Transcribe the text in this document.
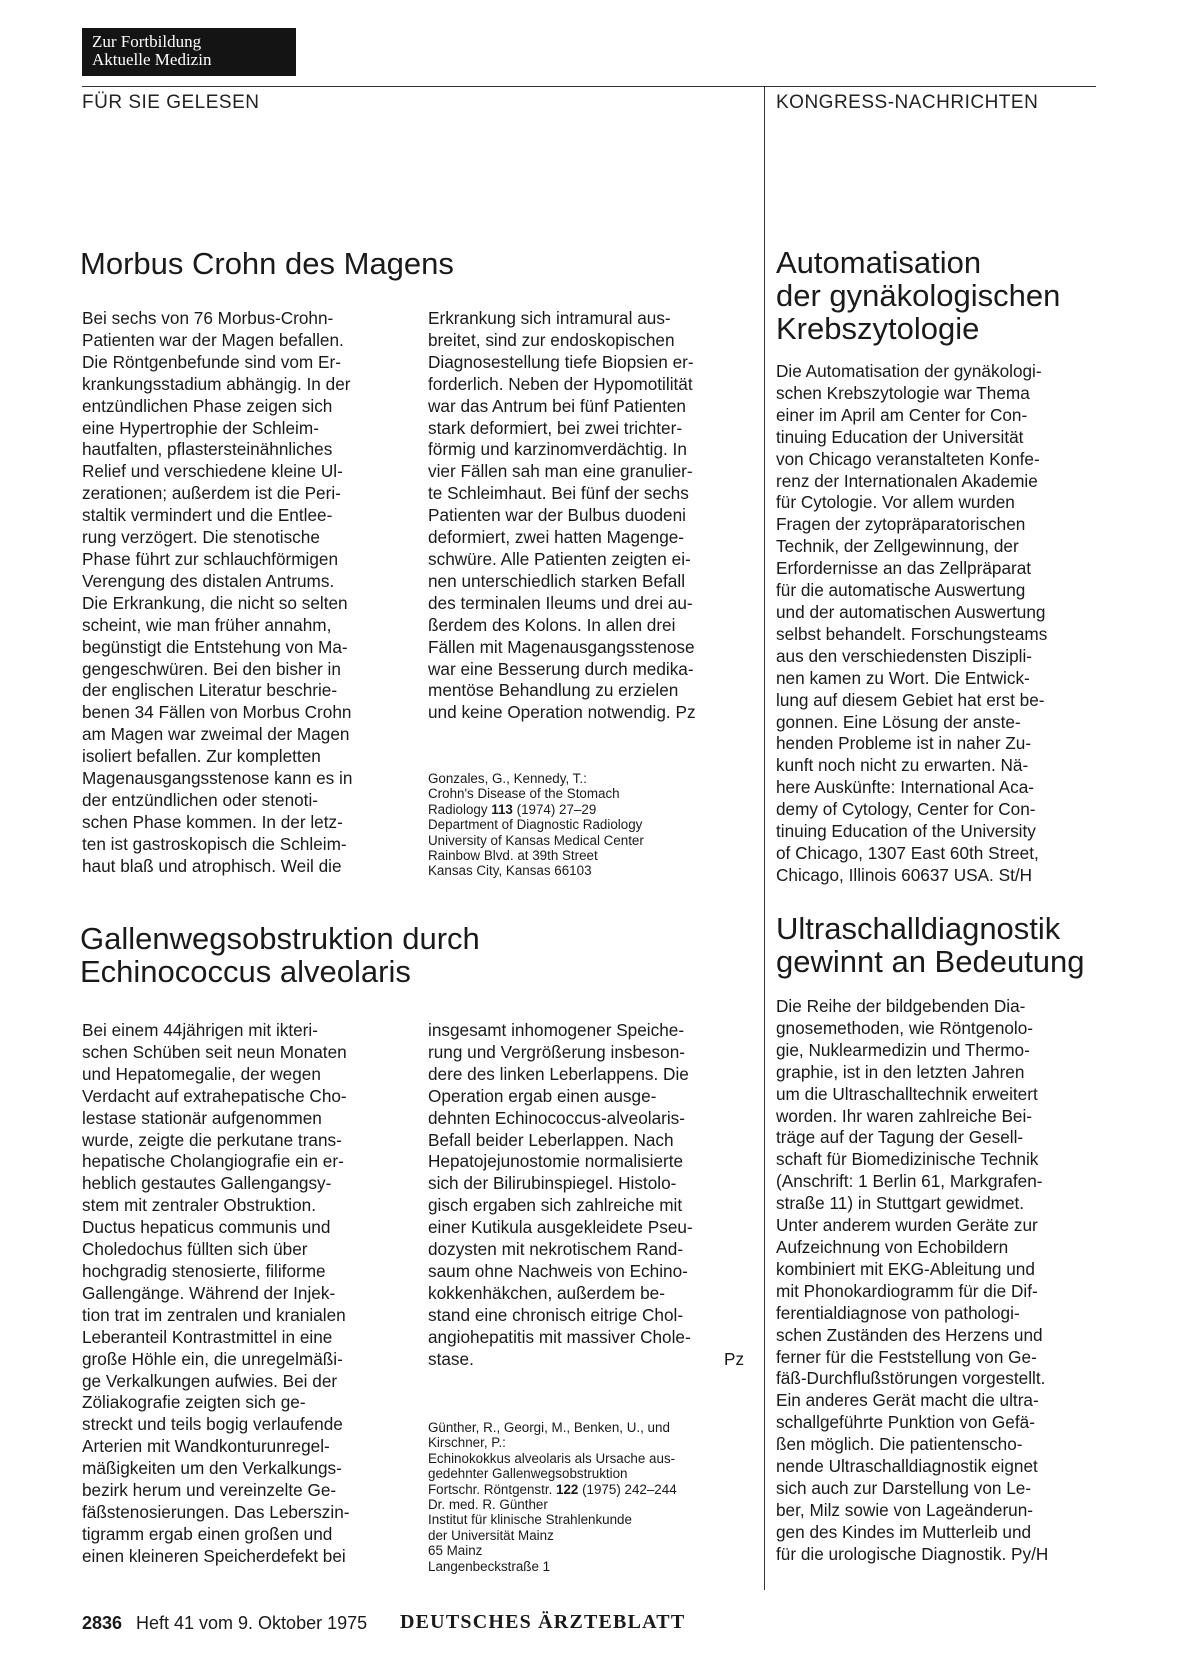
Zur Fortbildung
Aktuelle Medizin
FÜR SIE GELESEN	KONGRESS-NACHRICHTEN
Morbus Crohn des Magens
Bei sechs von 76 Morbus-Crohn-
Patienten war der Magen befallen.
Die Röntgenbefunde sind vom Er-
krankungsstadium abhängig. In der
entzündlichen Phase zeigen sich
eine Hypertrophie der Schleim-
hautfalten, pflastersteinähnliches
Relief und verschiedene kleine Ul-
zerationen; außerdem ist die Peri-
staltik vermindert und die Entlee-
rung verzögert. Die stenotische
Phase führt zur schlauchförmigen
Verengung des distalen Antrums.
Die Erkrankung, die nicht so selten
scheint, wie man früher annahm,
begünstigt die Entstehung von Ma-
gengeschwüren. Bei den bisher in
der englischen Literatur beschrie-
benen 34 Fällen von Morbus Crohn
am Magen war zweimal der Magen
isoliert befallen. Zur kompletten
Magenausgangsstenose kann es in
der entzündlichen oder stenoti-
schen Phase kommen. In der letz-
ten ist gastroskopisch die Schleim-
haut blaß und atrophisch. Weil die
Erkrankung sich intramural aus-
breitet, sind zur endoskopischen
Diagnosestellung tiefe Biopsien er-
forderlich. Neben der Hypomotilität
war das Antrum bei fünf Patienten
stark deformiert, bei zwei trichter-
förmig und karzinomverdächtig. In
vier Fällen sah man eine granulier-
te Schleimhaut. Bei fünf der sechs
Patienten war der Bulbus duodeni
deformiert, zwei hatten Magenge-
schwüre. Alle Patienten zeigten ei-
nen unterschiedlich starken Befall
des terminalen Ileums und drei au-
ßerdem des Kolons. In allen drei
Fällen mit Magenausgangsstenose
war eine Besserung durch medika-
mentöse Behandlung zu erzielen
und keine Operation notwendig. Pz
Gonzales, G., Kennedy, T.:
Crohn's Disease of the Stomach
Radiology 113 (1974) 27–29
Department of Diagnostic Radiology
University of Kansas Medical Center
Rainbow Blvd. at 39th Street
Kansas City, Kansas 66103
Gallenwegsobstruktion durch
Echinococcus alveolaris
Bei einem 44jährigen mit ikteri-
schen Schüben seit neun Monaten
und Hepatomegalie, der wegen
Verdacht auf extrahepatische Cho-
lestase stationär aufgenommen
wurde, zeigte die perkutane trans-
hepatische Cholangiografie ein er-
heblich gestautes Gallengangsy-
stem mit zentraler Obstruktion.
Ductus hepaticus communis und
Choledochus füllten sich über
hochgradig stenosierte, filiforme
Gallengänge. Während der Injek-
tion trat im zentralen und kranialen
Leberanteil Kontrastmittel in eine
große Höhle ein, die unregelmäßi-
ge Verkalkungen aufwies. Bei der
Zöliakografie zeigten sich ge-
streckt und teils bogig verlaufende
Arterien mit Wandkonturunregel-
mäßigkeiten um den Verkalkungs-
bezirk herum und vereinzelte Ge-
fäßstenosierungen. Das Leberszin-
tigramm ergab einen großen und
einen kleineren Speicherdefekt bei
insgesamt inhomogener Speiche-
rung und Vergrößerung insbeson-
dere des linken Leberlappens. Die
Operation ergab einen ausge-
dehnten Echinococcus-alveolaris-
Befall beider Leberlappen. Nach
Hepatojejunostomie normalisierte
sich der Bilirubinspiegel. Histolo-
gisch ergaben sich zahlreiche mit
einer Kutikula ausgekleidete Pseu-
dozysten mit nekrotischem Rand-
saum ohne Nachweis von Echino-
kokkenhäkchen, außerdem be-
stand eine chronisch eitrige Chol-
angiohepatitis mit massiver Chole-
stase.	Pz
Günther, R., Georgi, M., Benken, U., und
Kirschner, P.:
Echinokokkus alveolaris als Ursache aus-
gedehnter Gallenwegsobstruktion
Fortschr. Röntgenstr. 122 (1975) 242–244
Dr. med. R. Günther
Institut für klinische Strahlenkunde
der Universität Mainz
65 Mainz
Langenbeckstraße 1
Automatisation
der gynäkologischen
Krebszytologie
Die Automatisation der gynäkologi-
schen Krebszytologie war Thema
einer im April am Center for Con-
tinuing Education der Universität
von Chicago veranstalteten Konfe-
renz der Internationalen Akademie
für Cytologie. Vor allem wurden
Fragen der zytopräparatorischen
Technik, der Zellgewinnung, der
Erfordernisse an das Zellpräparat
für die automatische Auswertung
und der automatischen Auswertung
selbst behandelt. Forschungsteams
aus den verschiedensten Diszipli-
nen kamen zu Wort. Die Entwick-
lung auf diesem Gebiet hat erst be-
gonnen. Eine Lösung der anste-
henden Probleme ist in naher Zu-
kunft noch nicht zu erwarten. Nä-
here Auskünfte: International Aca-
demy of Cytology, Center for Con-
tinuing Education of the University
of Chicago, 1307 East 60th Street,
Chicago, Illinois 60637 USA. St/H
Ultraschalldiagnostik
gewinnt an Bedeutung
Die Reihe der bildgebenden Dia-
gnosemethoden, wie Röntgenolo-
gie, Nuklearmedizin und Thermo-
graphie, ist in den letzten Jahren
um die Ultraschalltechnik erweitert
worden. Ihr waren zahlreiche Bei-
träge auf der Tagung der Gesell-
schaft für Biomedizinische Technik
(Anschrift: 1 Berlin 61, Markgrafen-
straße 11) in Stuttgart gewidmet.
Unter anderem wurden Geräte zur
Aufzeichnung von Echobildern
kombiniert mit EKG-Ableitung und
mit Phonokardiogramm für die Dif-
ferentialdiagnose von pathologi-
schen Zuständen des Herzens und
ferner für die Feststellung von Ge-
fäß-Durchflußstörungen vorgestellt.
Ein anderes Gerät macht die ultra-
schallgeführte Punktion von Gefä-
ßen möglich. Die patientenscho-
nende Ultraschalldiagnostik eignet
sich auch zur Darstellung von Le-
ber, Milz sowie von Lageänderun-
gen des Kindes im Mutterleib und
für die urologische Diagnostik. Py/H
2836 Heft 41 vom 9. Oktober 1975 DEUTSCHES ÄRZTEBLATT
